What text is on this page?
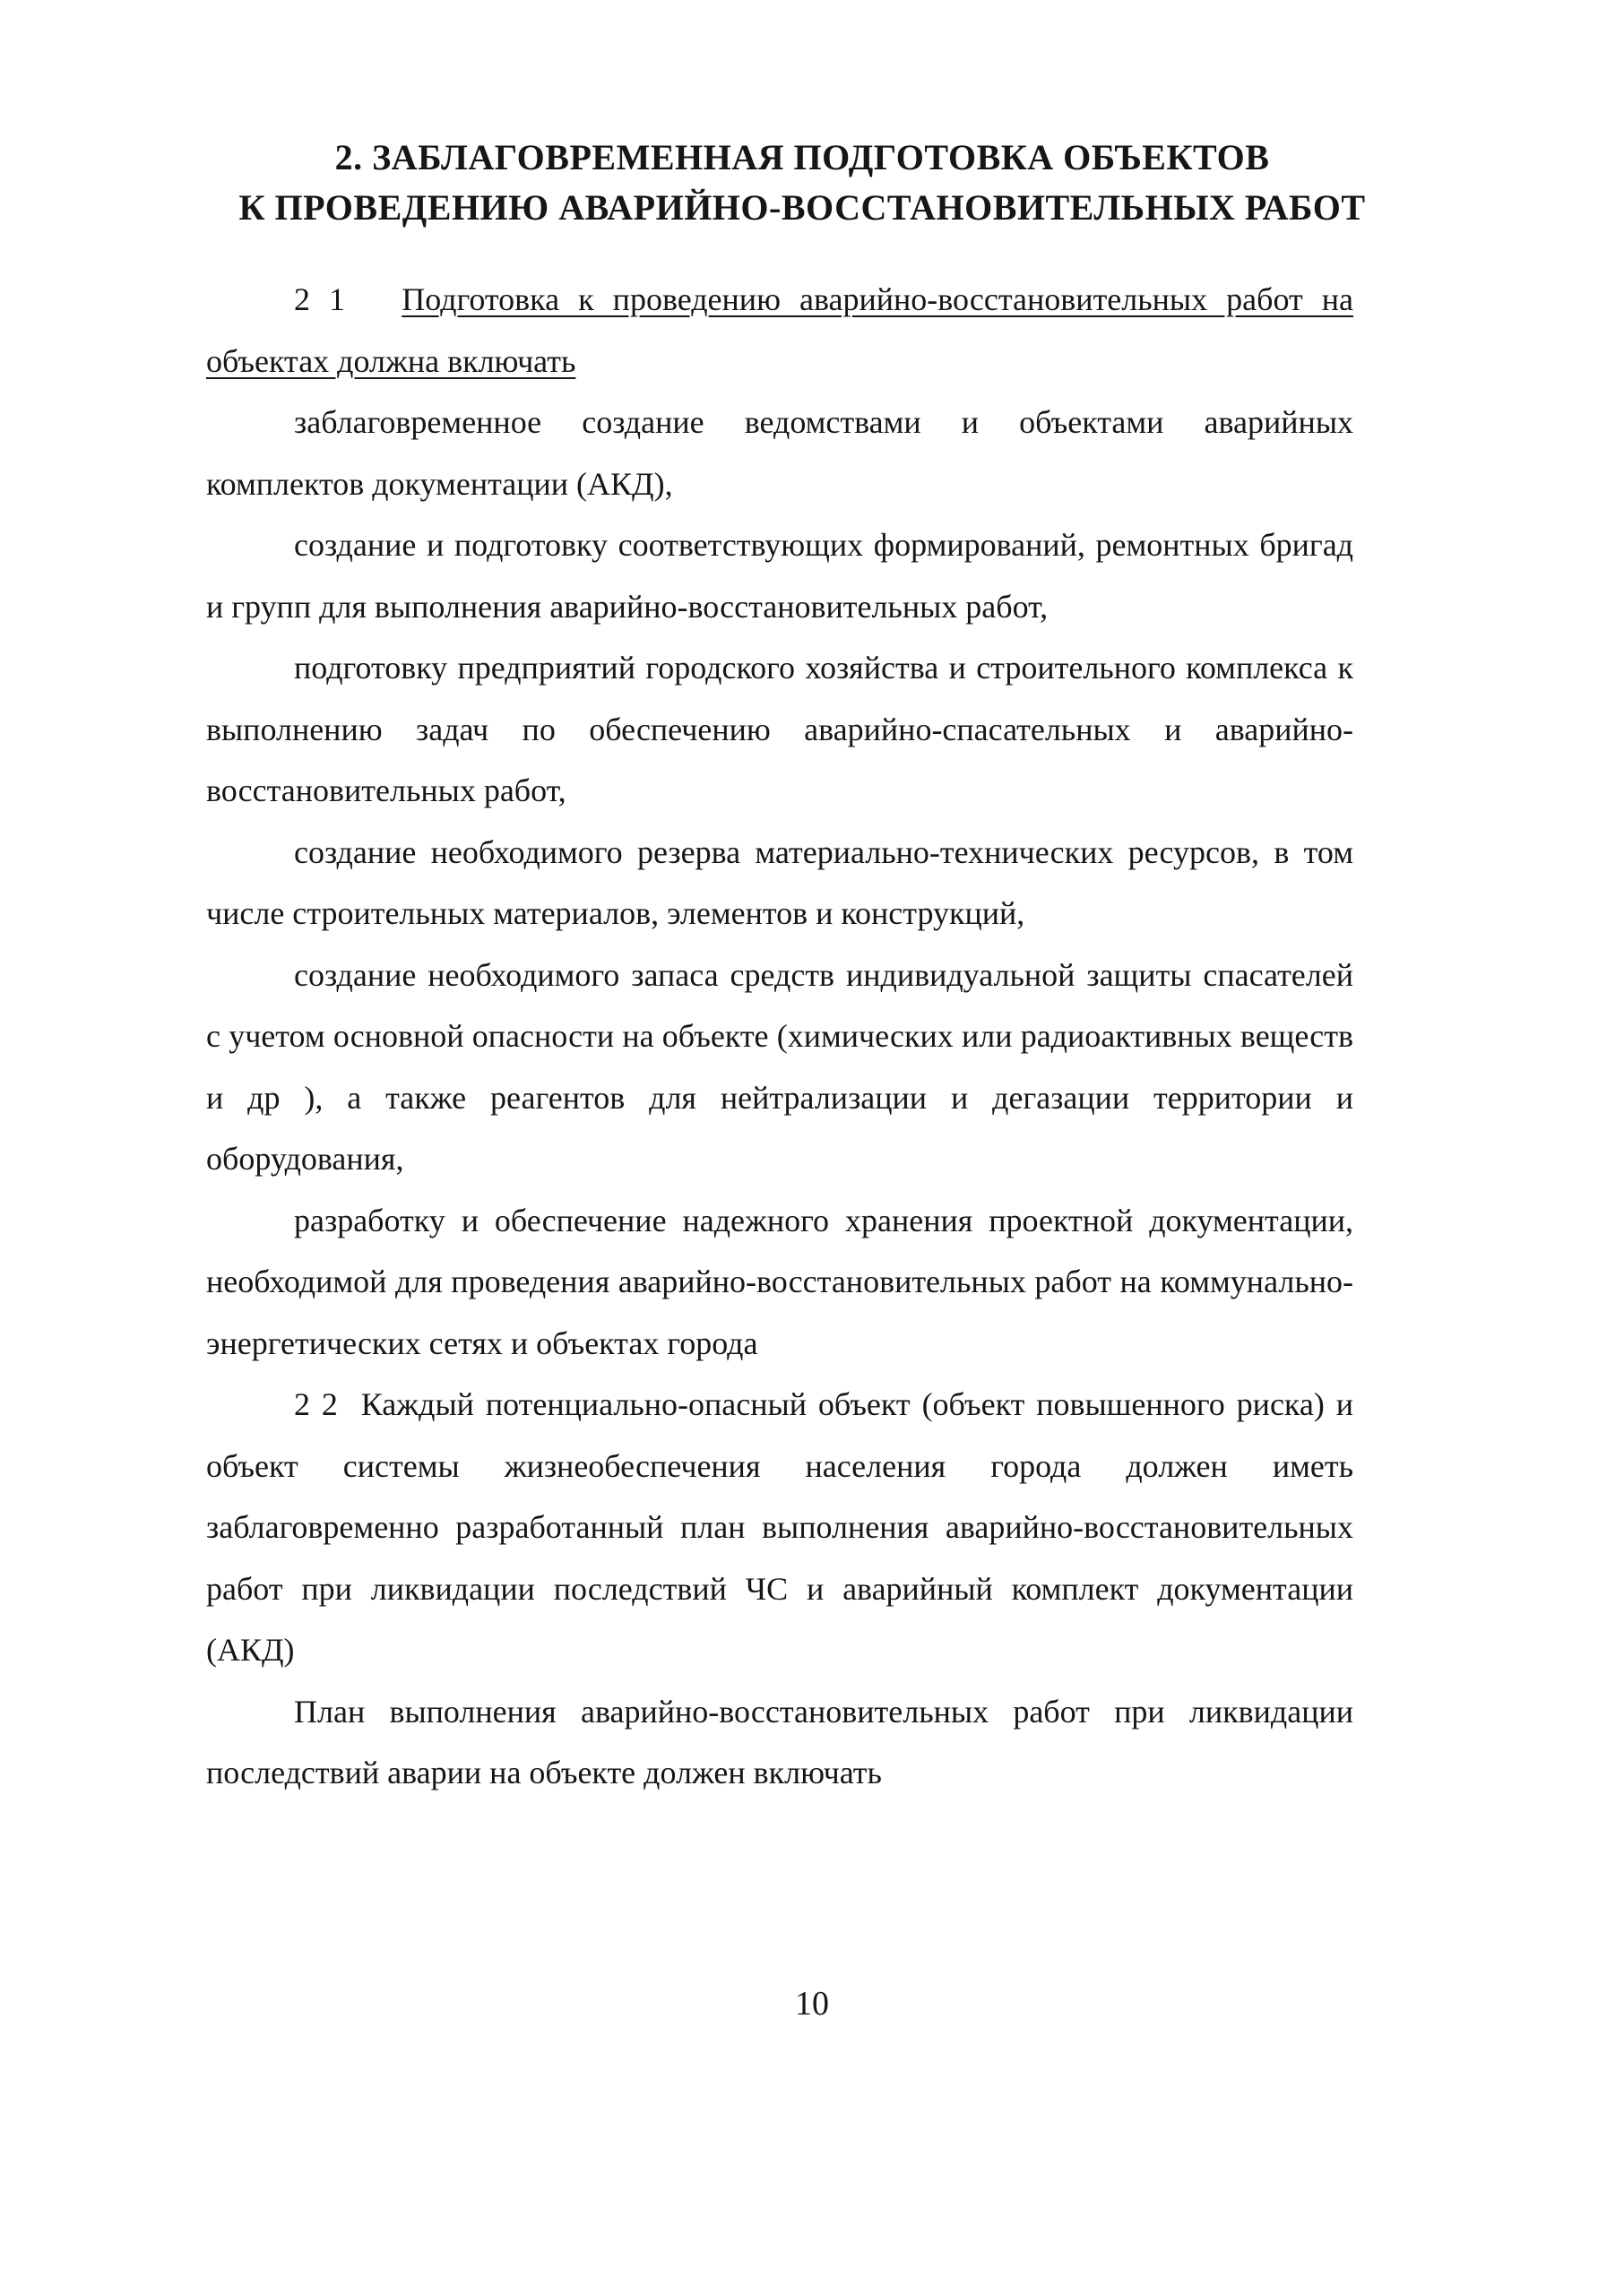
2. ЗАБЛАГОВРЕМЕННАЯ ПОДГОТОВКА ОБЪЕКТОВ
К ПРОВЕДЕНИЮ АВАРИЙНО-ВОССТАНОВИТЕЛЬНЫХ РАБОТ

2 1 Подготовка к проведению аварийно-восстановительных работ на объектах должна включать

заблаговременное создание ведомствами и объектами аварийных комплектов документации (АКД),

создание и подготовку соответствующих формирований, ремонтных бригад и групп для выполнения аварийно-восстановительных работ,

подготовку предприятий городского хозяйства и строительного комплекса к выполнению задач по обеспечению аварийно-спасательных и аварийно-восстановительных работ,

создание необходимого резерва материально-технических ресурсов, в том числе строительных материалов, элементов и конструкций,

создание необходимого запаса средств индивидуальной защиты спасателей с учетом основной опасности на объекте (химических или радиоактивных веществ и др ), а также реагентов для нейтрализации и дегазации территории и оборудования,

разработку и обеспечение надежного хранения проектной документации, необходимой для проведения аварийно-восстановительных работ на коммунально-энергетических сетях и объектах города

2 2 Каждый потенциально-опасный объект (объект повышенного риска) и объект системы жизнеобеспечения населения города должен иметь заблаговременно разработанный план выполнения аварийно-восстановительных работ при ликвидации последствий ЧС и аварийный комплект документации (АКД)

План выполнения аварийно-восстановительных работ при ликвидации последствий аварии на объекте должен включать

10
